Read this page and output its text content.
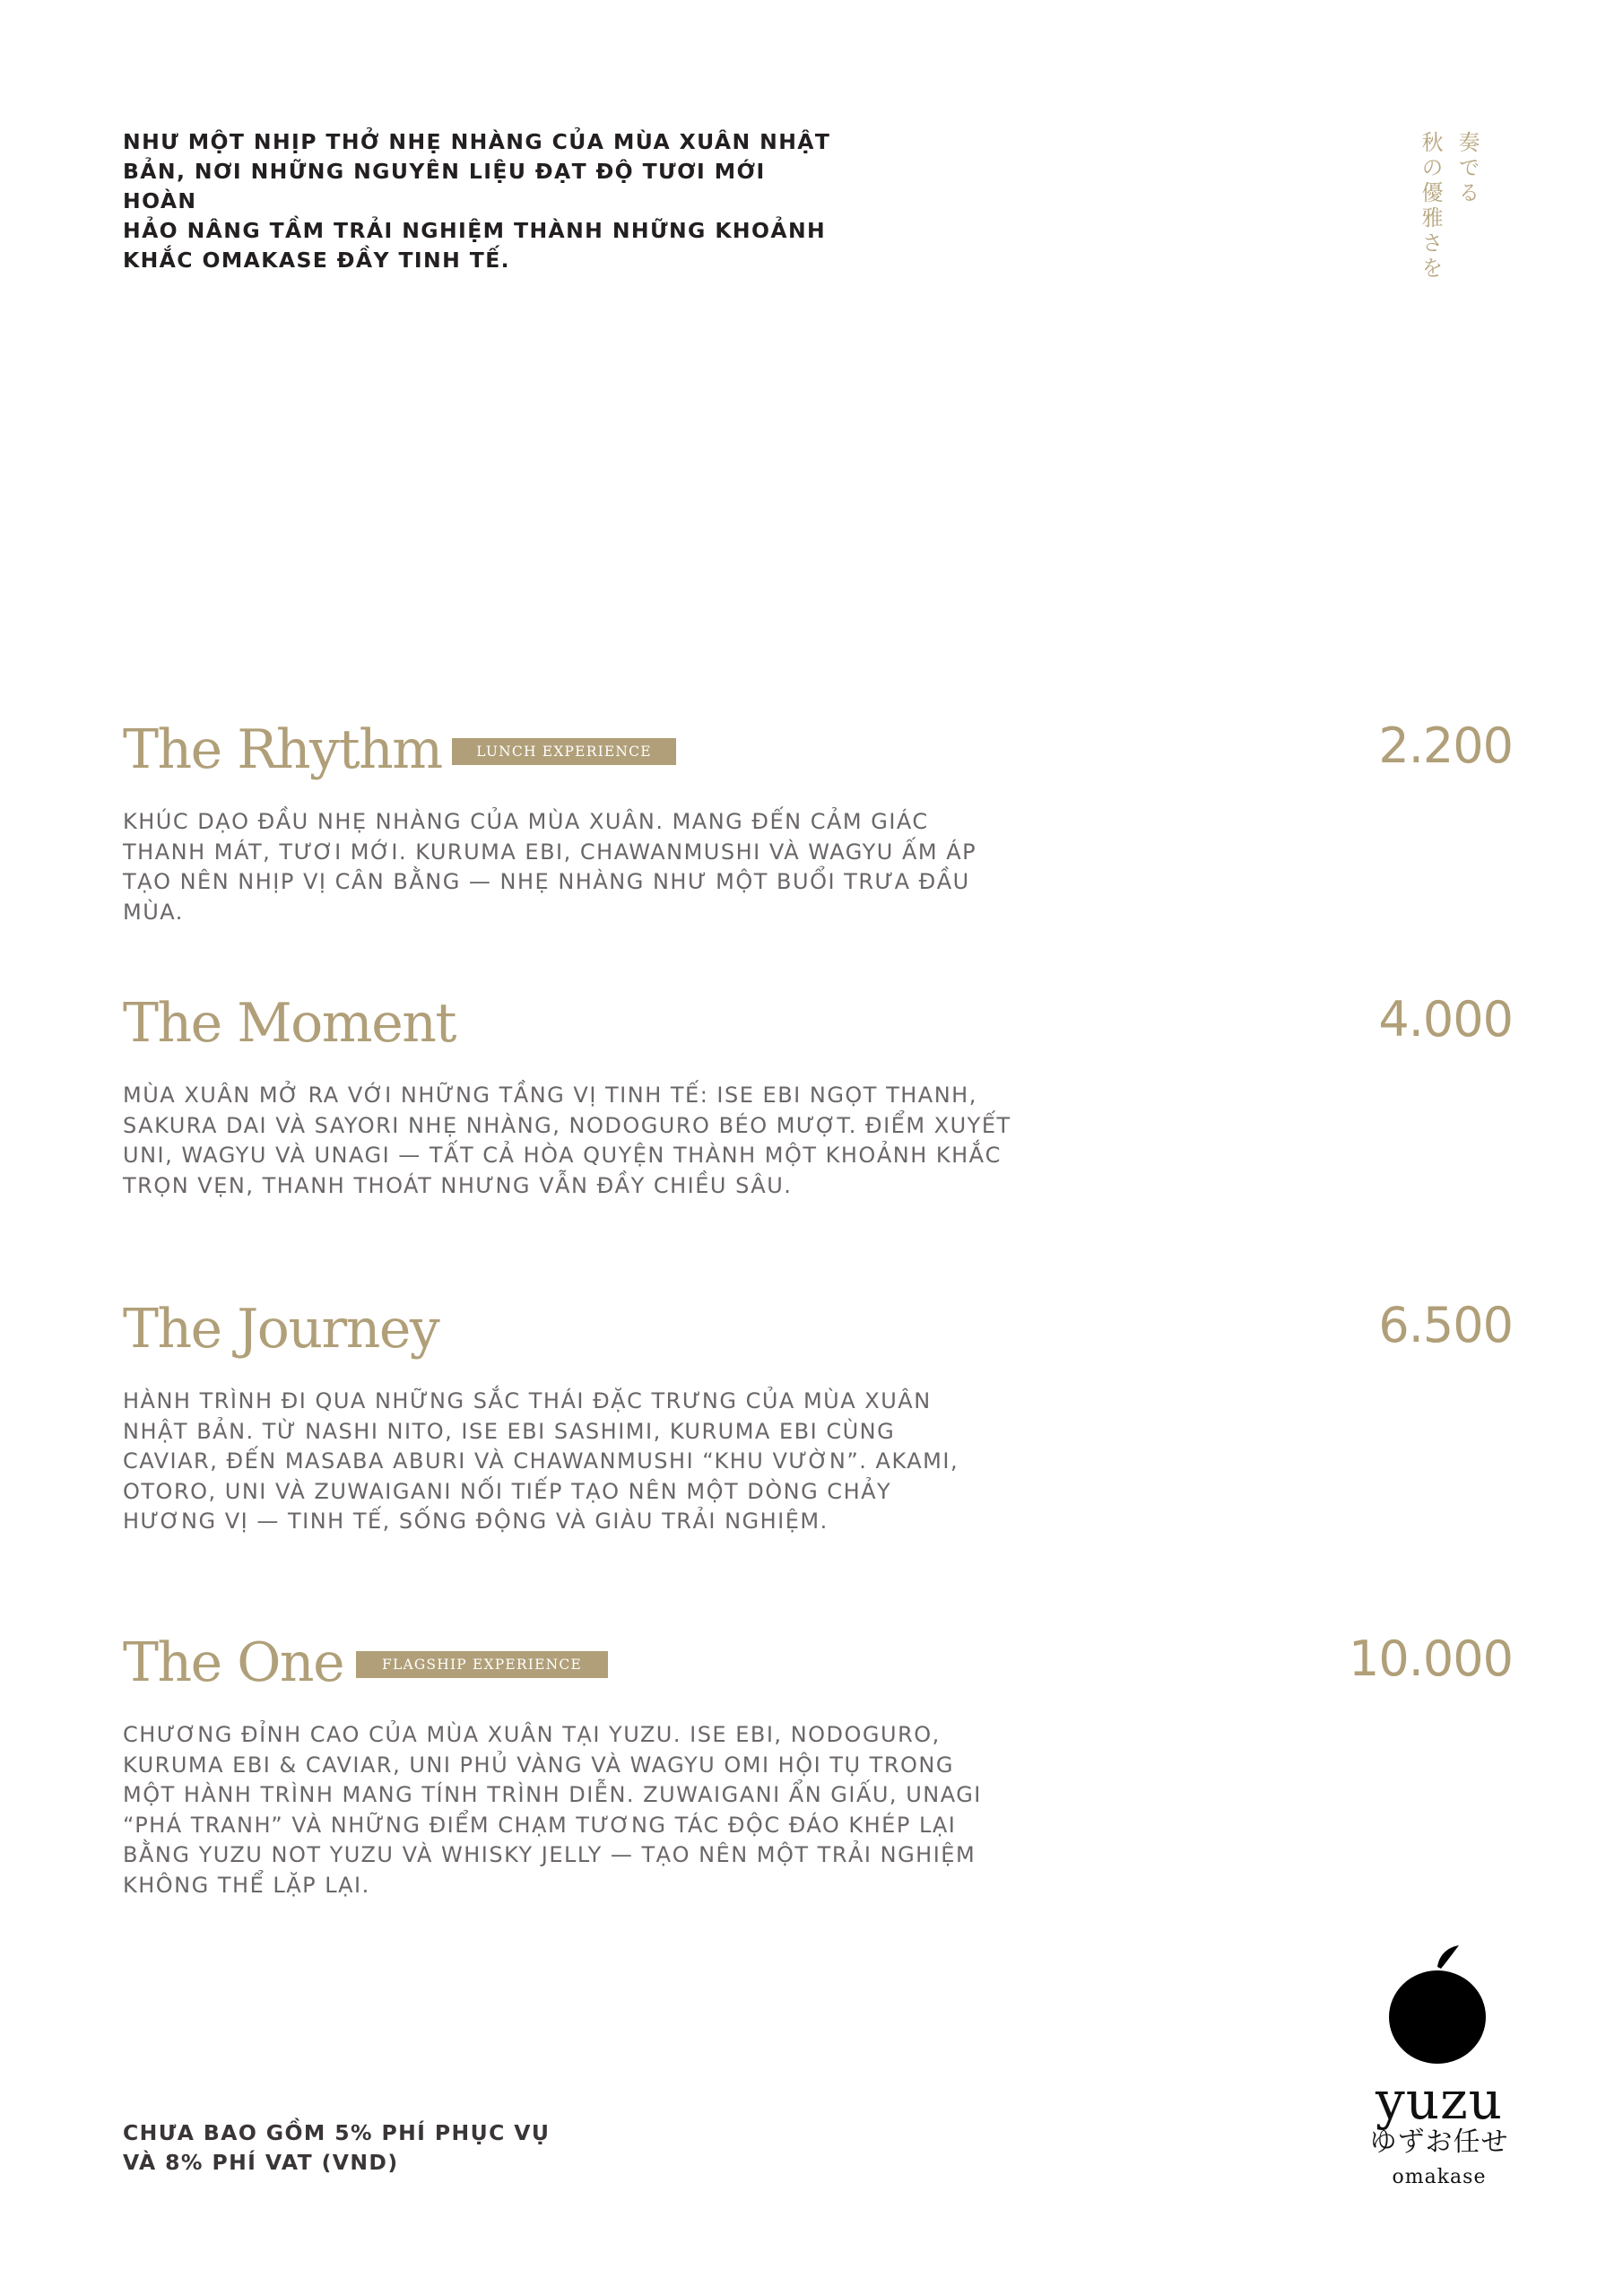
NHƯ MỘT NHỊP THỞ NHẸ NHÀNG CỦA MÙA XUÂN NHẬT
BẢN, NƠI NHỮNG NGUYÊN LIỆU ĐẠT ĐỘ TƯƠI MỚI HOÀN
HẢO NÂNG TẦM TRẢI NGHIỆM THÀNH NHỮNG KHOẢNH
KHẮC OMAKASE ĐẦY TINH TẾ.
奏でる
秋の優雅さを
The Rhythm	LUNCH EXPERIENCE	2.200
KHÚC DẠO ĐẦU NHẸ NHÀNG CỦA MÙA XUÂN. MANG ĐẾN CẢM GIÁC
THANH MÁT, TƯƠI MỚI. KURUMA EBI, CHAWANMUSHI VÀ WAGYU ẤM ÁP
TẠO NÊN NHỊP VỊ CÂN BẰNG — NHẸ NHÀNG NHƯ MỘT BUỔI TRƯA ĐẦU MÙA.
The Moment	4.000
MÙA XUÂN MỞ RA VỚI NHỮNG TẦNG VỊ TINH TẾ: ISE EBI NGỌT THANH,
SAKURA DAI VÀ SAYORI NHẸ NHÀNG, NODOGURO BÉO MƯỢT. ĐIỂM XUYẾT
UNI, WAGYU VÀ UNAGI — TẤT CẢ HÒA QUYỆN THÀNH MỘT KHOẢNH KHẮC
TRỌN VẸN, THANH THOÁT NHƯNG VẪN ĐẦY CHIỀU SÂU.
The Journey	6.500
HÀNH TRÌNH ĐI QUA NHỮNG SẮC THÁI ĐẶC TRƯNG CỦA MÙA XUÂN
NHẬT BẢN. TỪ NASHI NITO, ISE EBI SASHIMI, KURUMA EBI CÙNG
CAVIAR, ĐẾN MASABA ABURI VÀ CHAWANMUSHI “KHU VƯỜN”. AKAMI,
OTORO, UNI VÀ ZUWAIGANI NỐI TIẾP TẠO NÊN MỘT DÒNG CHẢY
HƯƠNG VỊ — TINH TẾ, SỐNG ĐỘNG VÀ GIÀU TRẢI NGHIỆM.
The One	FLAGSHIP EXPERIENCE	10.000
CHƯƠNG ĐỈNH CAO CỦA MÙA XUÂN TẠI YUZU. ISE EBI, NODOGURO,
KURUMA EBI & CAVIAR, UNI PHỦ VÀNG VÀ WAGYU OMI HỘI TỤ TRONG
MỘT HÀNH TRÌNH MANG TÍNH TRÌNH DIỄN. ZUWAIGANI ẨN GIẤU, UNAGI
“PHÁ TRANH” VÀ NHỮNG ĐIỂM CHẠM TƯƠNG TÁC ĐỘC ĐÁO KHÉP LẠI
BẰNG YUZU NOT YUZU VÀ WHISKY JELLY — TẠO NÊN MỘT TRẢI NGHIỆM
KHÔNG THỂ LẶP LẠI.
CHƯA BAO GỒM 5% PHÍ PHỤC VỤ
VÀ 8% PHÍ VAT (VND)
yuzu
ゆずお任せ
omakase
